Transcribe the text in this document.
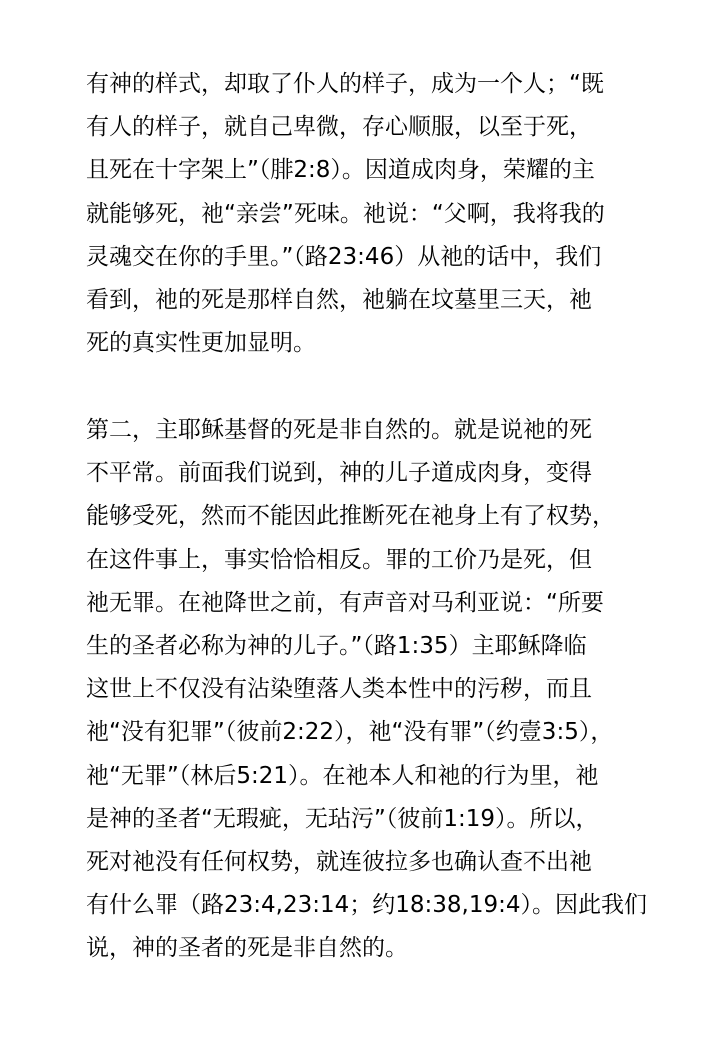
有神的样式，却取了仆人的样子，成为一个人；“既
有人的样子，就自己卑微，存心顺服，以至于死，
且死在十字架上”（腓2:8）。因道成肉身，荣耀的主
就能够死，祂“亲尝”死味。祂说：“父啊，我将我的
灵魂交在你的手里。”（路23:46）从祂的话中，我们
看到，祂的死是那样自然，祂躺在坟墓里三天，祂
死的真实性更加显明。
第二，主耶稣基督的死是非自然的。就是说祂的死
不平常。前面我们说到，神的儿子道成肉身，变得
能够受死，然而不能因此推断死在祂身上有了权势，
在这件事上，事实恰恰相反。罪的工价乃是死，但
祂无罪。在祂降世之前，有声音对马利亚说：“所要
生的圣者必称为神的儿子。”（路1:35）主耶稣降临
这世上不仅没有沾染堕落人类本性中的污秽，而且
祂“没有犯罪”（彼前2:22），祂“没有罪”（约壹3:5），
祂“无罪”（林后5:21）。在祂本人和祂的行为里，祂
是神的圣者“无瑕疵，无玷污”（彼前1:19）。所以，
死对祂没有任何权势，就连彼拉多也确认查不出祂
有什么罪（路23:4,23:14；约18:38,19:4）。因此我们
说，神的圣者的死是非自然的。
